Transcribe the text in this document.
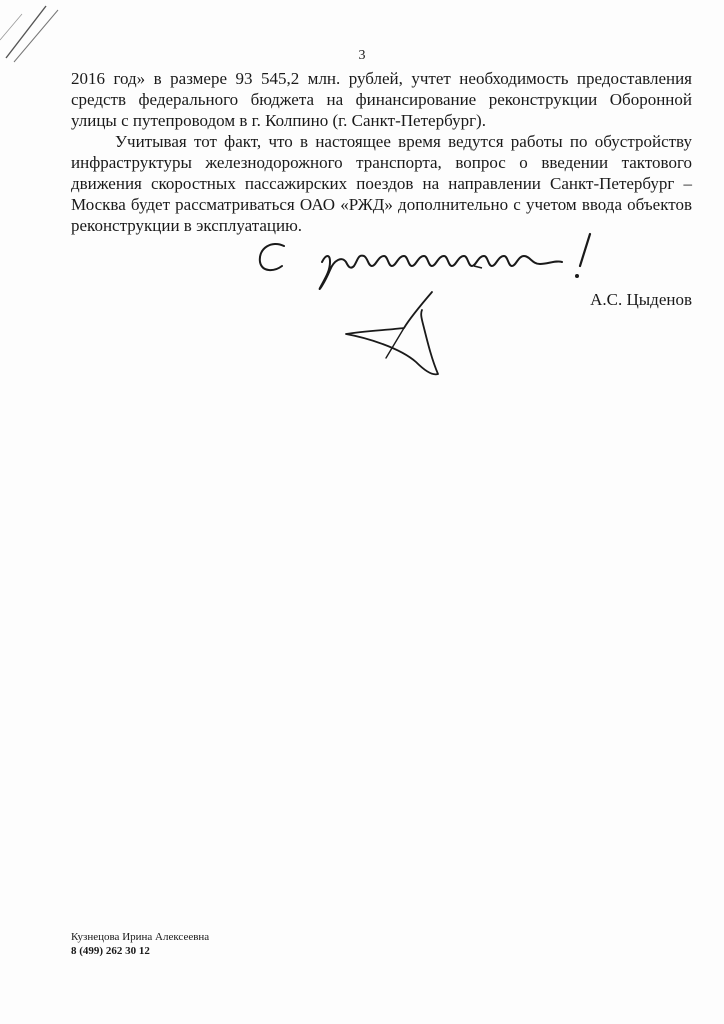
3

2016 год» в размере 93 545,2 млн. рублей, учтет необходимость предоставления средств федерального бюджета на финансирование реконструкции Оборонной улицы с путепроводом в г. Колпино (г. Санкт-Петербург).

Учитывая тот факт, что в настоящее время ведутся работы по обустройству инфраструктуры железнодорожного транспорта, вопрос о введении тактового движения скоростных пассажирских поездов на направлении Санкт-Петербург – Москва будет рассматриваться ОАО «РЖД» дополнительно с учетом ввода объектов реконструкции в эксплуатацию.

А.С. Цыденов
Кузнецова Ирина Алексеевна
8 (499) 262 30 12
